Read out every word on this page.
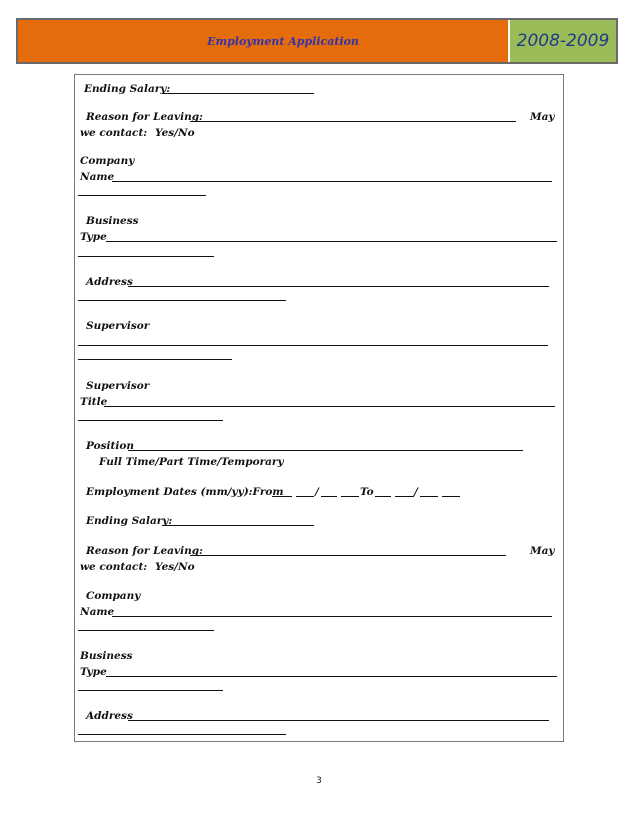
Employment Application	2008-2009
Ending Salary:
Reason for Leaving:	May
we contact: Yes/No
Company
Name
Business
Type
Address
Supervisor
Supervisor
Title
Position
Full Time/Part Time/Temporary
Employment Dates (mm/yy):From	/	To	/
Ending Salary:
Reason for Leaving:	May
we contact: Yes/No
Company
Name
Business
Type
Address
3
